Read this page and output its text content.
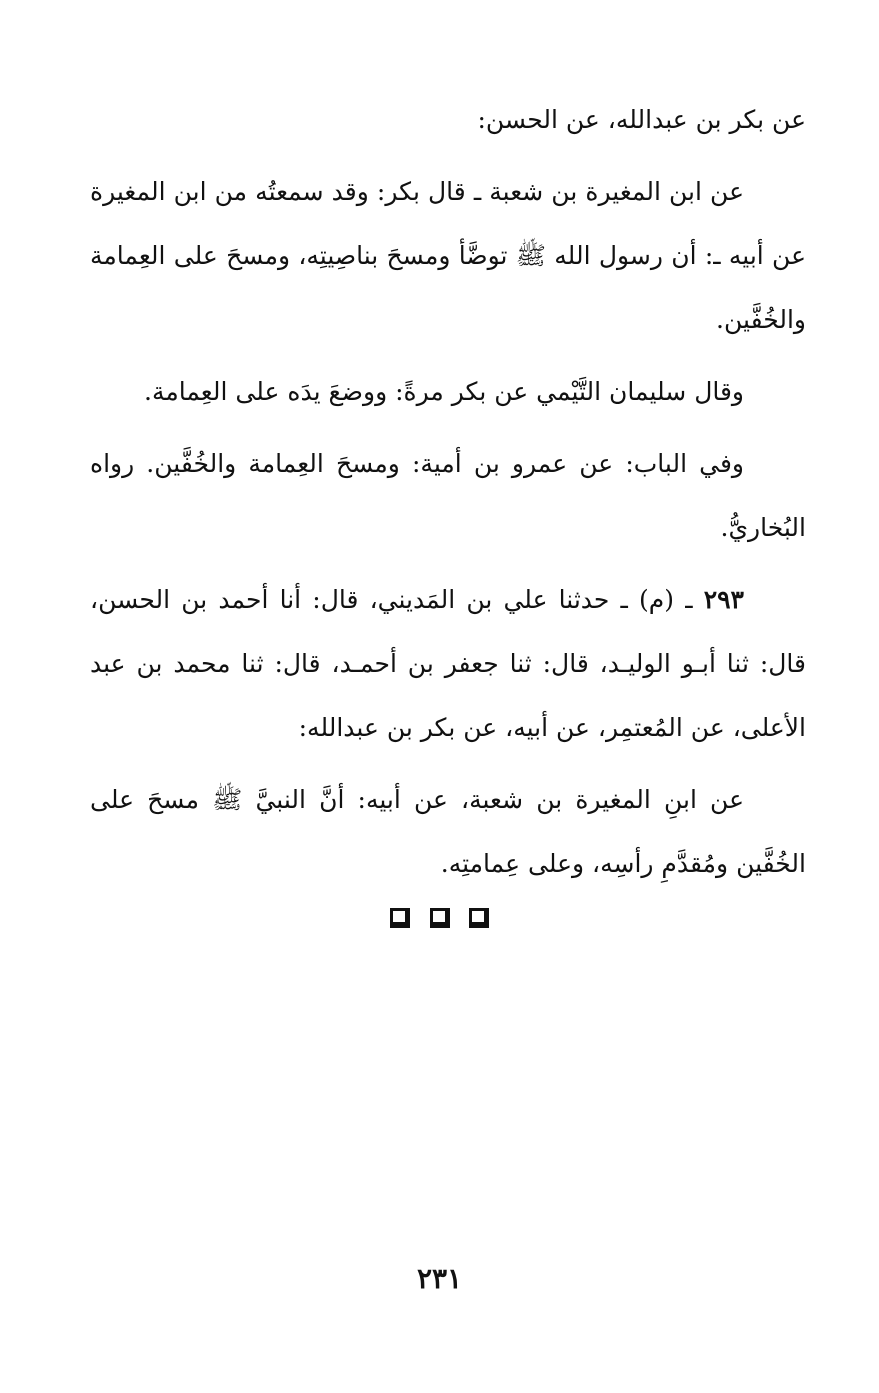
عن بكر بن عبدالله، عن الحسن:

عن ابن المغيرة بن شعبة ـ قال بكر: وقد سمعتُه من ابن المغيرة عن أبيه ـ: أن رسول الله ﷺ توضَّأ ومسحَ بناصِيتِه، ومسحَ على العِمامة والخُفَّين.

وقال سليمان التَّيْمي عن بكر مرةً: ووضعَ يدَه على العِمامة.

وفي الباب: عن عمرو بن أمية: ومسحَ العِمامة والخُفَّين. رواه البُخاريُّ.

٢٩٣ ـ (م) ـ حدثنا علي بن المَديني، قال: أنا أحمد بن الحسن، قال: ثنا أبـو الوليـد، قال: ثنا جعفر بن أحمـد، قال: ثنا محمد بن عبد الأعلى، عن المُعتمِر، عن أبيه، عن بكر بن عبدالله:

عن ابنِ المغيرة بن شعبة، عن أبيه: أنَّ النبيَّ ﷺ مسحَ على الخُفَّين ومُقدَّمِ رأسِه، وعلى عِمامتِه.

٢٣١
